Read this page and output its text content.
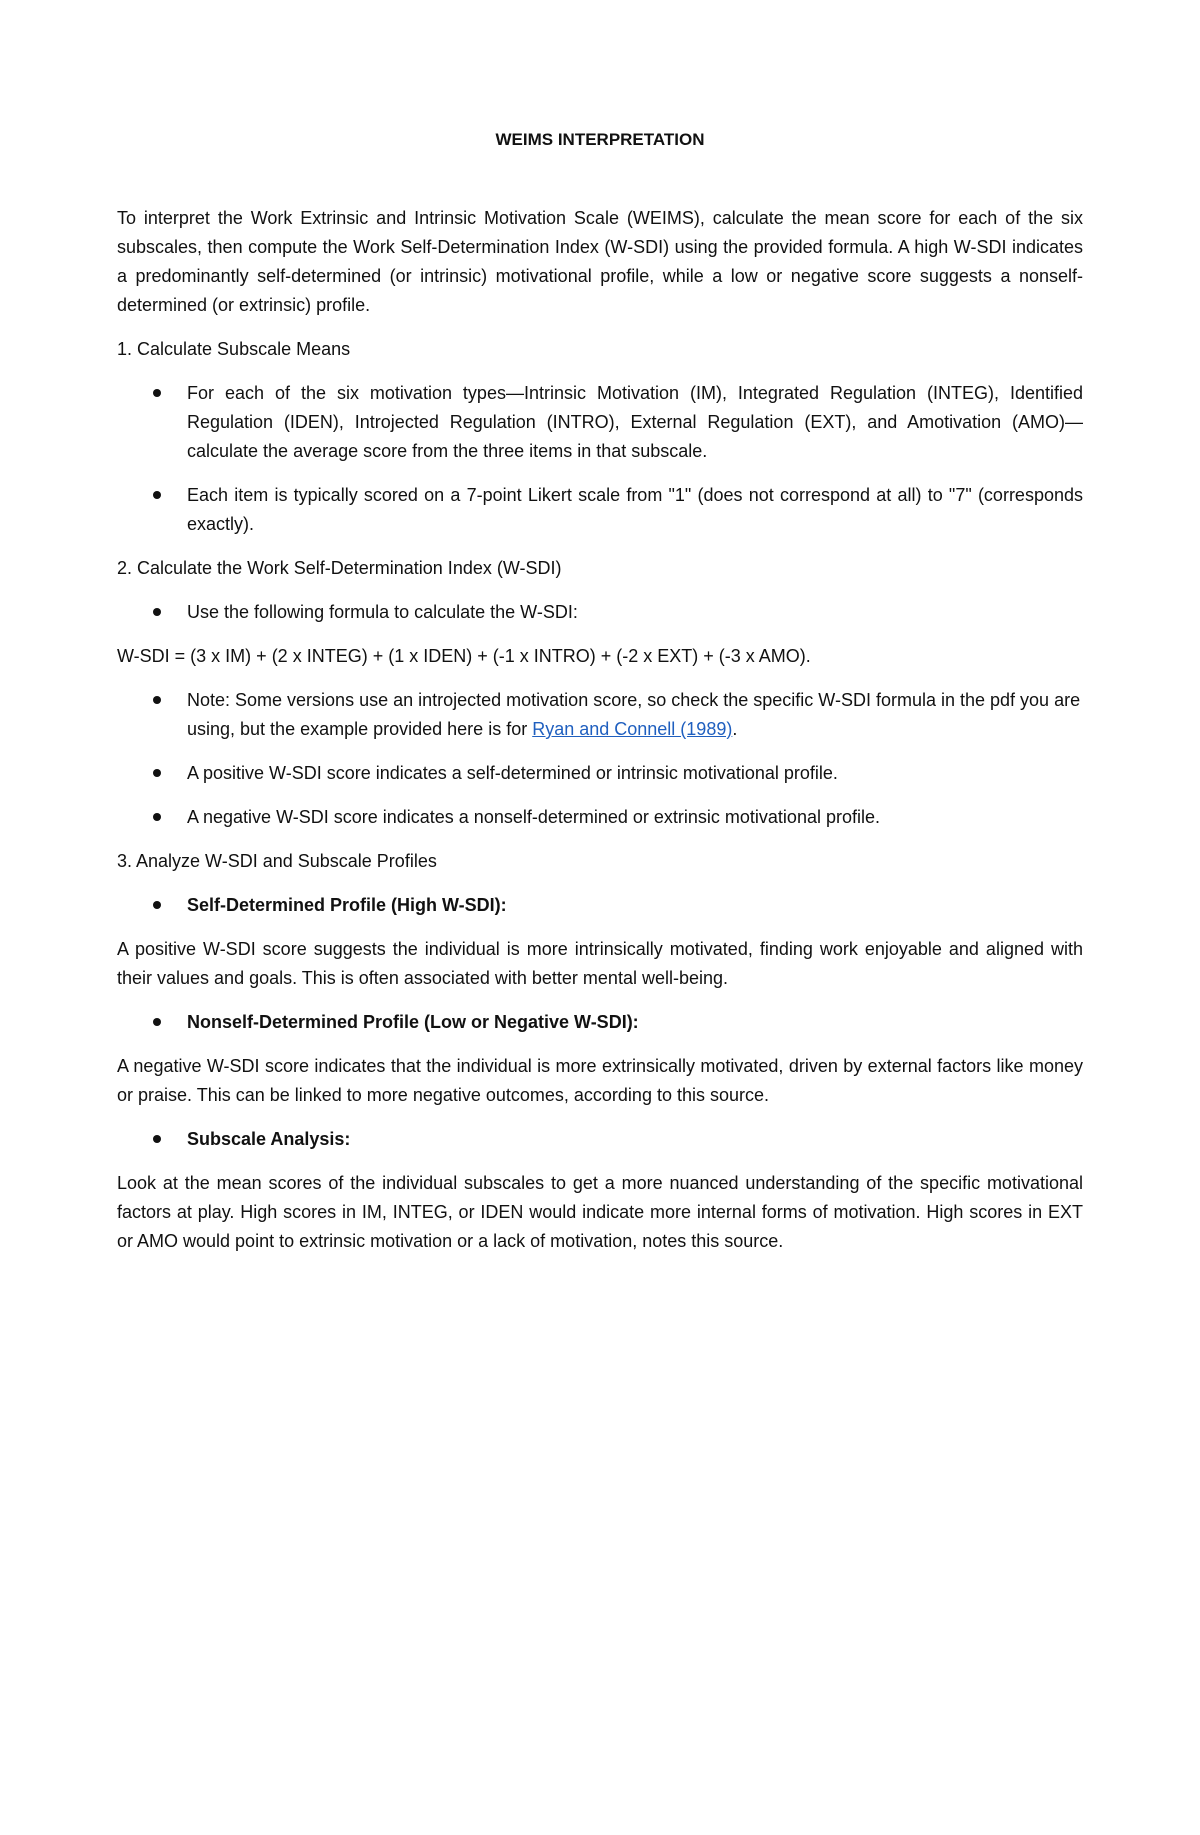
WEIMS INTERPRETATION

To interpret the Work Extrinsic and Intrinsic Motivation Scale (WEIMS), calculate the mean score for each of the six subscales, then compute the Work Self-Determination Index (W-SDI) using the provided formula. A high W-SDI indicates a predominantly self-determined (or intrinsic) motivational profile, while a low or negative score suggests a nonself-determined (or extrinsic) profile.

1. Calculate Subscale Means

For each of the six motivation types—Intrinsic Motivation (IM), Integrated Regulation (INTEG), Identified Regulation (IDEN), Introjected Regulation (INTRO), External Regulation (EXT), and Amotivation (AMO)—calculate the average score from the three items in that subscale.
Each item is typically scored on a 7-point Likert scale from "1" (does not correspond at all) to "7" (corresponds exactly).

2. Calculate the Work Self-Determination Index (W-SDI)

Use the following formula to calculate the W-SDI:

W-SDI = (3 x IM) + (2 x INTEG) + (1 x IDEN) + (-1 x INTRO) + (-2 x EXT) + (-3 x AMO).

Note: Some versions use an introjected motivation score, so check the specific W-SDI formula in the pdf you are using, but the example provided here is for Ryan and Connell (1989).
A positive W-SDI score indicates a self-determined or intrinsic motivational profile.
A negative W-SDI score indicates a nonself-determined or extrinsic motivational profile.

3. Analyze W-SDI and Subscale Profiles

Self-Determined Profile (High W-SDI):

A positive W-SDI score suggests the individual is more intrinsically motivated, finding work enjoyable and aligned with their values and goals. This is often associated with better mental well-being.

Nonself-Determined Profile (Low or Negative W-SDI):

A negative W-SDI score indicates that the individual is more extrinsically motivated, driven by external factors like money or praise. This can be linked to more negative outcomes, according to this source.

Subscale Analysis:

Look at the mean scores of the individual subscales to get a more nuanced understanding of the specific motivational factors at play. High scores in IM, INTEG, or IDEN would indicate more internal forms of motivation. High scores in EXT or AMO would point to extrinsic motivation or a lack of motivation, notes this source.
